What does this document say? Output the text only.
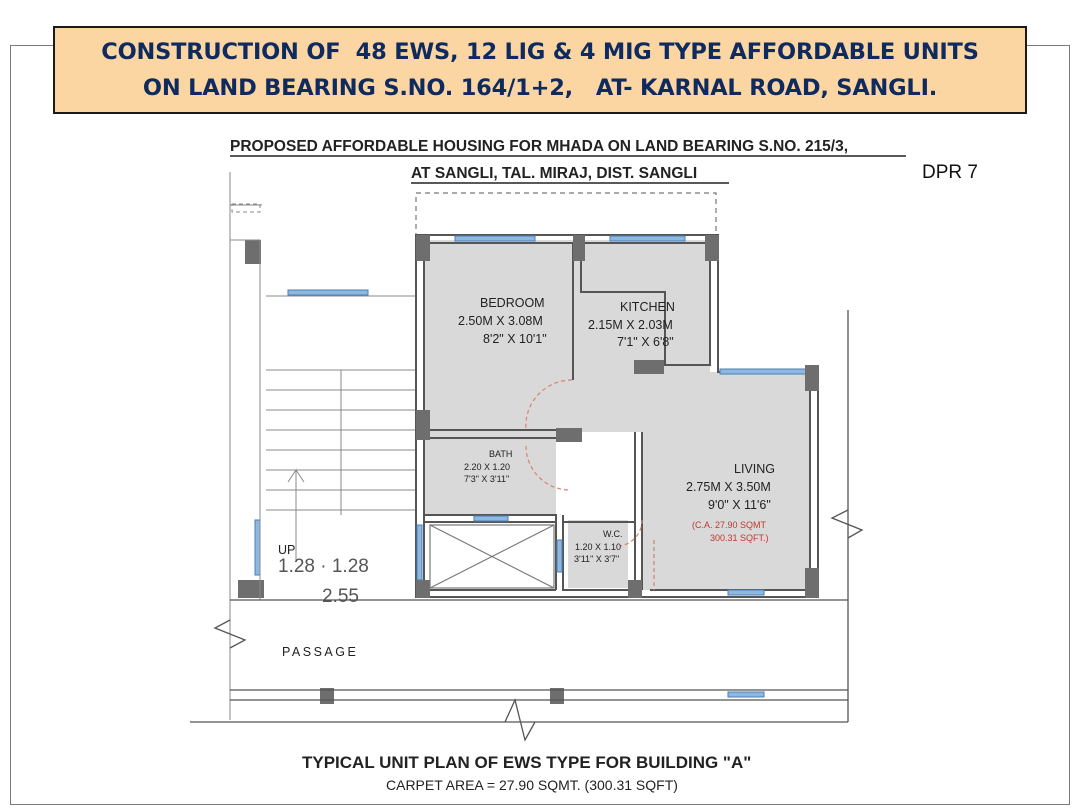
CONSTRUCTION OF  48 EWS, 12 LIG & 4 MIG TYPE AFFORDABLE UNITS
ON LAND BEARING S.NO. 164/1+2,   AT- KARNAL ROAD, SANGLI.
DPR 7
PROPOSED AFFORDABLE HOUSING FOR MHADA ON LAND BEARING S.NO. 215/3,
AT SANGLI, TAL. MIRAJ, DIST. SANGLI
BEDROOM
2.50M X 3.08M
8'2" X 10'1"
KITCHEN
2.15M X 2.03M
7'1" X 6'8"
BATH
2.20 X 1.20
7'3" X 3'11"
LIVING
2.75M X 3.50M
9'0" X 11'6"
(C.A. 27.90 SQMT
300.31 SQFT.)
W.C.
1.20 X 1.10
3'11" X 3'7"
UP
1.28 · 1.28
2.55
PASSAGE
TYPICAL UNIT PLAN OF EWS TYPE FOR BUILDING "A"
CARPET AREA = 27.90 SQMT. (300.31 SQFT)
